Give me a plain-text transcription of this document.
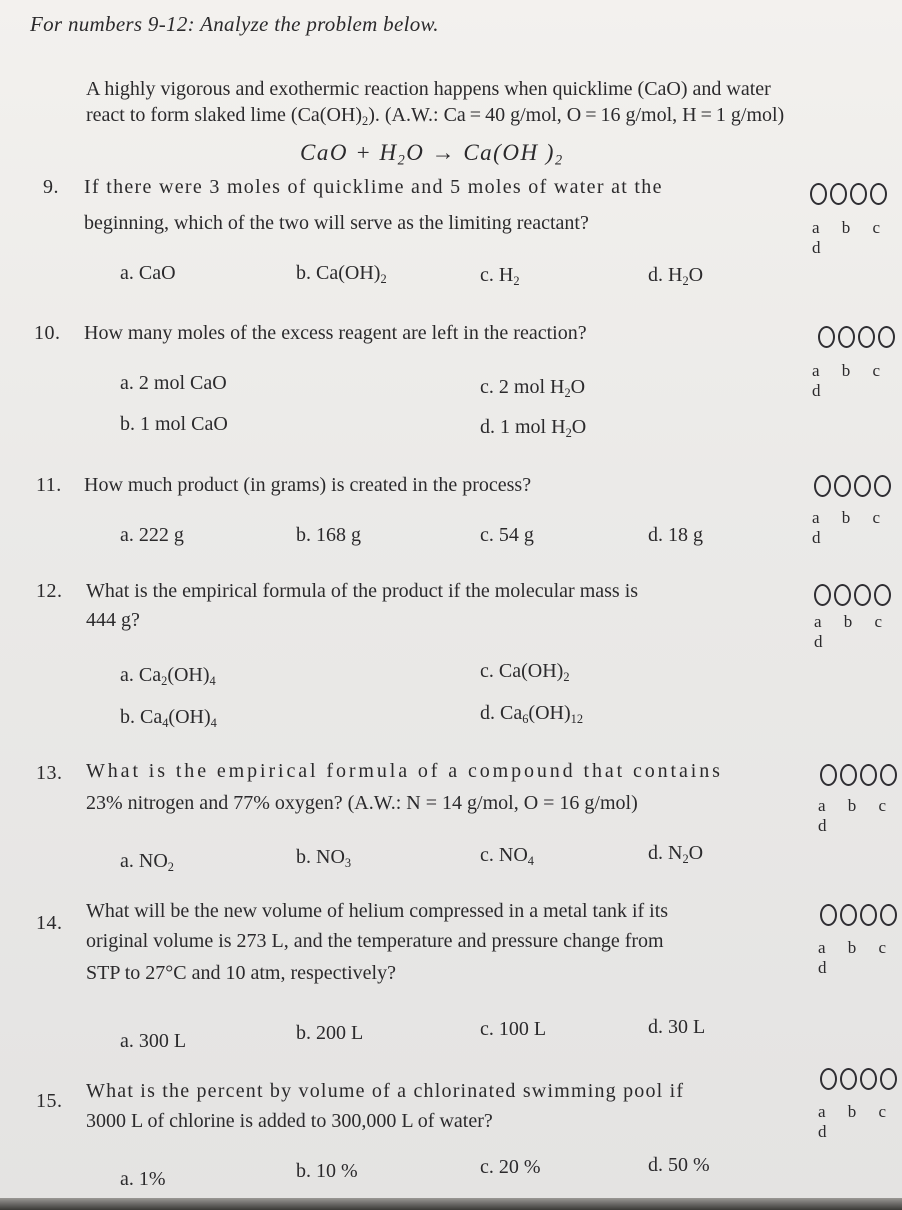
For numbers 9-12: Analyze the problem below.
A highly vigorous and exothermic reaction happens when quicklime (CaO) and water
react to form slaked lime $(Ca(OH)_2)$. (A.W.: Ca = 40 g/mol, O = 16 g/mol, H = 1 g/mol)
CaO + $H_2O \to Ca(OH$ )$_2$
9. If there were 3 moles of quicklime and 5 moles of water at the
beginning, which of the two will serve as the limiting reactant?	a b c d
a. CaO	b. $Ca(OH)_2$	c. $H_2$	d. $H_2O$
10. How many moles of the excess reagent are left in the reaction?
a b c d
a. 2 mol CaO	c. 2 mol $H_2O$
b. 1 mol CaO	d. 1 mol $H_2O$
11. How much product (in grams) is created in the process?
a b c d
a. 222 g	b. 168 g	c. 54 g	d. 18 g
12. What is the empirical formula of the product if the molecular mass is
444 g?	a b c d
a. $Ca_2(OH)_4$	c. $Ca(OH)_2$
b. $Ca_4(OH)_4$	d. $Ca_6(OH)_{12}$
13. What is the empirical formula of a compound that contains
23% nitrogen and 77% oxygen? (A.W.: N = 14 g/mol, O = 16 g/mol)	a b c d
a. $NO_2$	b. $NO_3$	c. $NO_4$	d. $N_2O$
14.
What will be the new volume of helium compressed in a metal tank if its
original volume is 273 L, and the temperature and pressure change from
STP to 27°C and 10 atm, respectively?
a b c d
a. 300 L	b. 200 L	c. 100 L	d. 30 L
15. What is the percent by volume of a chlorinated swimming pool if
3000 L of chlorine is added to 300,000 L of water?	a b c d
a. 1%	b. 10 %	c. 20 %	d. 50 %
